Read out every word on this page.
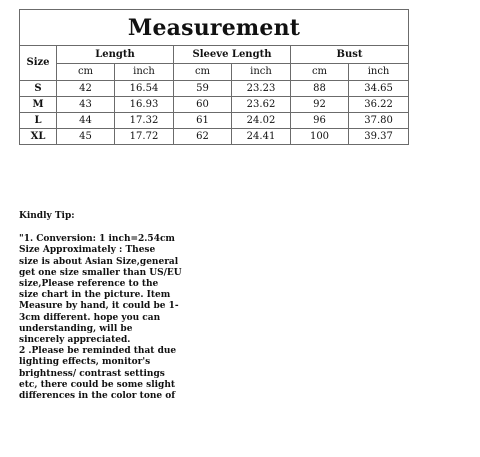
Measurement						
Size	Length		Sleeve Length		Bust	
	cm	inch	cm	inch	cm	inch
S	42	16.54	59	23.23	88	34.65
M	43	16.93	60	23.62	92	36.22
L	44	17.32	61	24.02	96	37.80
XL	45	17.72	62	24.41	100	39.37
Kindly Tip:
"1. Conversion: 1 inch=2.54cm
Size Approximately : These
size is about Asian Size,general
get one size smaller than US/EU
size,Please reference to the
size chart in the picture. Item
Measure by hand, it could be 1-
3cm different. hope you can
understanding, will be
sincerely appreciated.
2 .Please be reminded that due
lighting effects, monitor's
brightness/ contrast settings
etc, there could be some slight
differences in the color tone of
